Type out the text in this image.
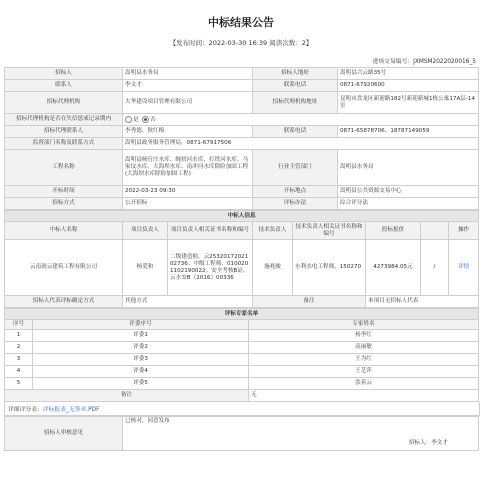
中标结果公告
【发布时间：2022-03-30 16:39 阅读次数：2】
进场交易编号：JXMSM2022020016_5
招标人	嵩明县水务局	招标人地址	嵩明县兴云路35号
联系人	李文才	联系电话	0871-67920600
招标代理机构	大华建设项目管理有限公司	招标代理机构地址	昆明市盘龙区新迎路182号新迎新城1栋公寓17A层-14室
招标代理机构是否在失信惩戒记录期内	是 否		
招标代理联系人	李秀德、狄红梅	联系电话	0871-65878706、18787149059
监督部门名称及联系方式	嵩明县政务服务管理局，0871-67917506		
工程名称	嵩明县杨官庄水库、缠扭河水库、打铁河水库、马家坟水库、大海坝水库、南冲河水库除险加固工程(大海坝水库除险加固工程)	行业主管部门	嵩明县水务局
开标时间	2022-03-23 09:30	开标地点	嵩明县公共资源交易中心
招标方式	公开招标	评标办法	综合评分法
中标人信息							
中标人名称	项目负责人	项目负责人相关证书名称和编号	技术负责人	技术负责人相关证书名称和编号	投标报价		操作
云南润云建筑工程有限公司	杨爱和	二级建造师，云2532017202102736；中级工程师，0100201102190022；安全考核B证，云水安B（2016）00336	施兆骏	水利水电工程师，150270	4273984.05元	/	详情
招标人代表评标确定方式	其他方式		备注		本项目无招标人代表		
评标专家名单		
序号	评委序号	专家姓名
1	评委1	杨李红
2	评委2	高丽敏
3	评委3	王为红
4	评委4	王艺萍
5	评委5	张着云
备注		无
详细评分表：评标报表_无签章.PDF
招标人审核意见	已核对，同意发布
招标人：李文才
